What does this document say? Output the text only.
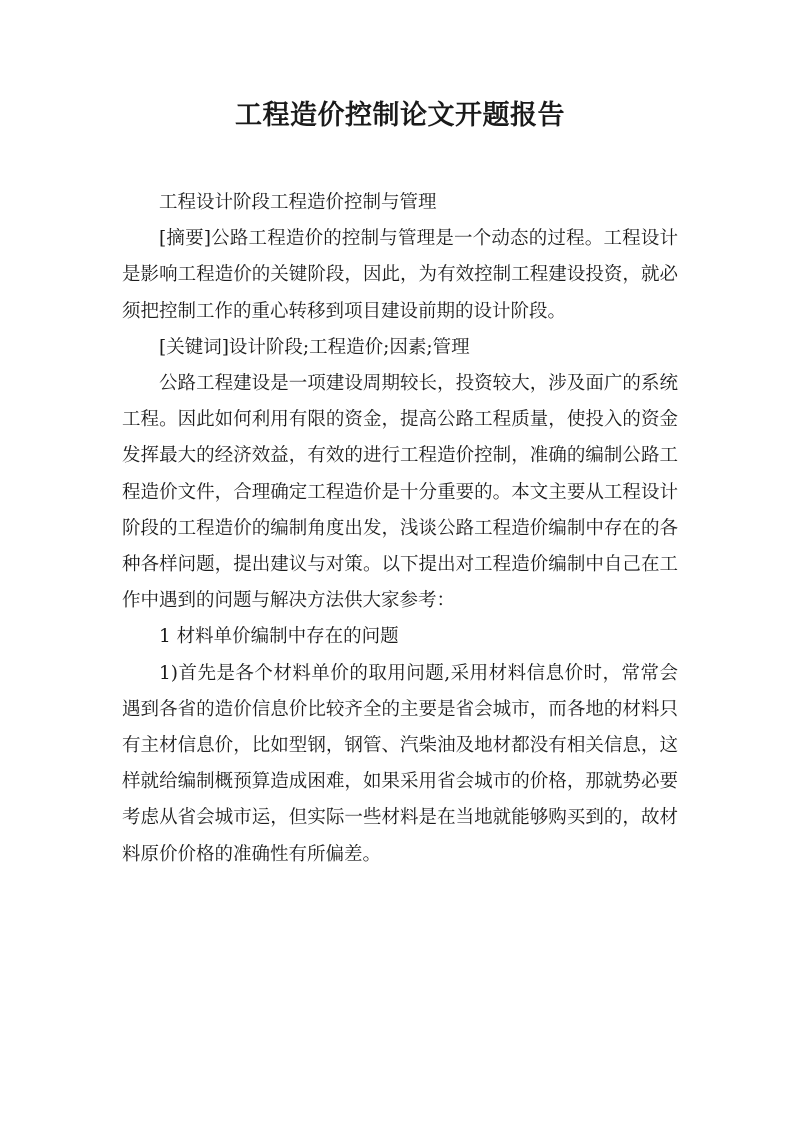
工程造价控制论文开题报告

工程设计阶段工程造价控制与管理

[摘要]公路工程造价的控制与管理是一个动态的过程。工程设计是影响工程造价的关键阶段，因此，为有效控制工程建设投资，就必须把控制工作的重心转移到项目建设前期的设计阶段。

[关键词]设计阶段;工程造价;因素;管理

公路工程建设是一项建设周期较长，投资较大，涉及面广的系统工程。因此如何利用有限的资金，提高公路工程质量，使投入的资金发挥最大的经济效益，有效的进行工程造价控制，准确的编制公路工程造价文件，合理确定工程造价是十分重要的。本文主要从工程设计阶段的工程造价的编制角度出发，浅谈公路工程造价编制中存在的各种各样问题，提出建议与对策。以下提出对工程造价编制中自己在工作中遇到的问题与解决方法供大家参考：

1 材料单价编制中存在的问题

1)首先是各个材料单价的取用问题,采用材料信息价时，常常会遇到各省的造价信息价比较齐全的主要是省会城市，而各地的材料只有主材信息价，比如型钢，钢管、汽柴油及地材都没有相关信息，这样就给编制概预算造成困难，如果采用省会城市的价格，那就势必要考虑从省会城市运，但实际一些材料是在当地就能够购买到的，故材料原价价格的准确性有所偏差。
